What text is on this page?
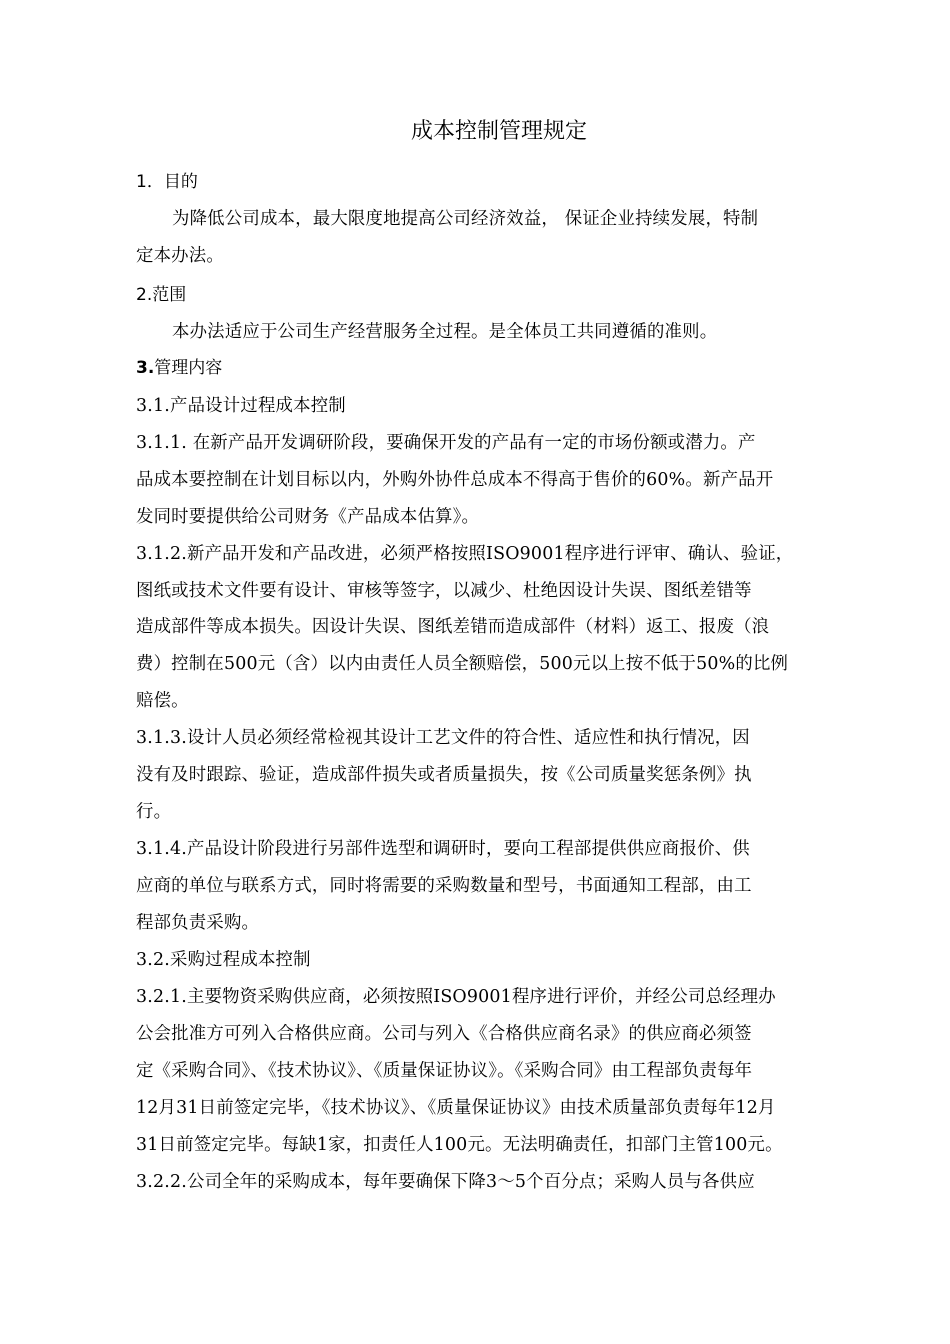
成本控制管理规定
1．目的
为降低公司成本，最大限度地提高公司经济效益， 保证企业持续发展，特制
定本办法。
2.范围
本办法适应于公司生产经营服务全过程。是全体员工共同遵循的准则。
3.管理内容
3.1.产品设计过程成本控制
3.1.1. 在新产品开发调研阶段，要确保开发的产品有一定的市场份额或潜力。产
品成本要控制在计划目标以内，外购外协件总成本不得高于售价的60%。新产品开
发同时要提供给公司财务《产品成本估算》。
3.1.2.新产品开发和产品改进，必须严格按照ISO9001程序进行评审、确认、验证，
图纸或技术文件要有设计、审核等签字，以减少、杜绝因设计失误、图纸差错等
造成部件等成本损失。因设计失误、图纸差错而造成部件（材料）返工、报废（浪
费）控制在500元（含）以内由责任人员全额赔偿，500元以上按不低于50%的比例
赔偿。
3.1.3.设计人员必须经常检视其设计工艺文件的符合性、适应性和执行情况，因
没有及时跟踪、验证，造成部件损失或者质量损失，按《公司质量奖惩条例》执
行。
3.1.4.产品设计阶段进行另部件选型和调研时，要向工程部提供供应商报价、供
应商的单位与联系方式，同时将需要的采购数量和型号，书面通知工程部，由工
程部负责采购。
3.2.采购过程成本控制
3.2.1.主要物资采购供应商，必须按照ISO9001程序进行评价，并经公司总经理办
公会批准方可列入合格供应商。公司与列入《合格供应商名录》的供应商必须签
定《采购合同》、《技术协议》、《质量保证协议》。《采购合同》由工程部负责每年
12月31日前签定完毕，《技术协议》、《质量保证协议》由技术质量部负责每年12月
31日前签定完毕。每缺1家，扣责任人100元。无法明确责任，扣部门主管100元。
3.2.2.公司全年的采购成本，每年要确保下降3～5个百分点；采购人员与各供应
